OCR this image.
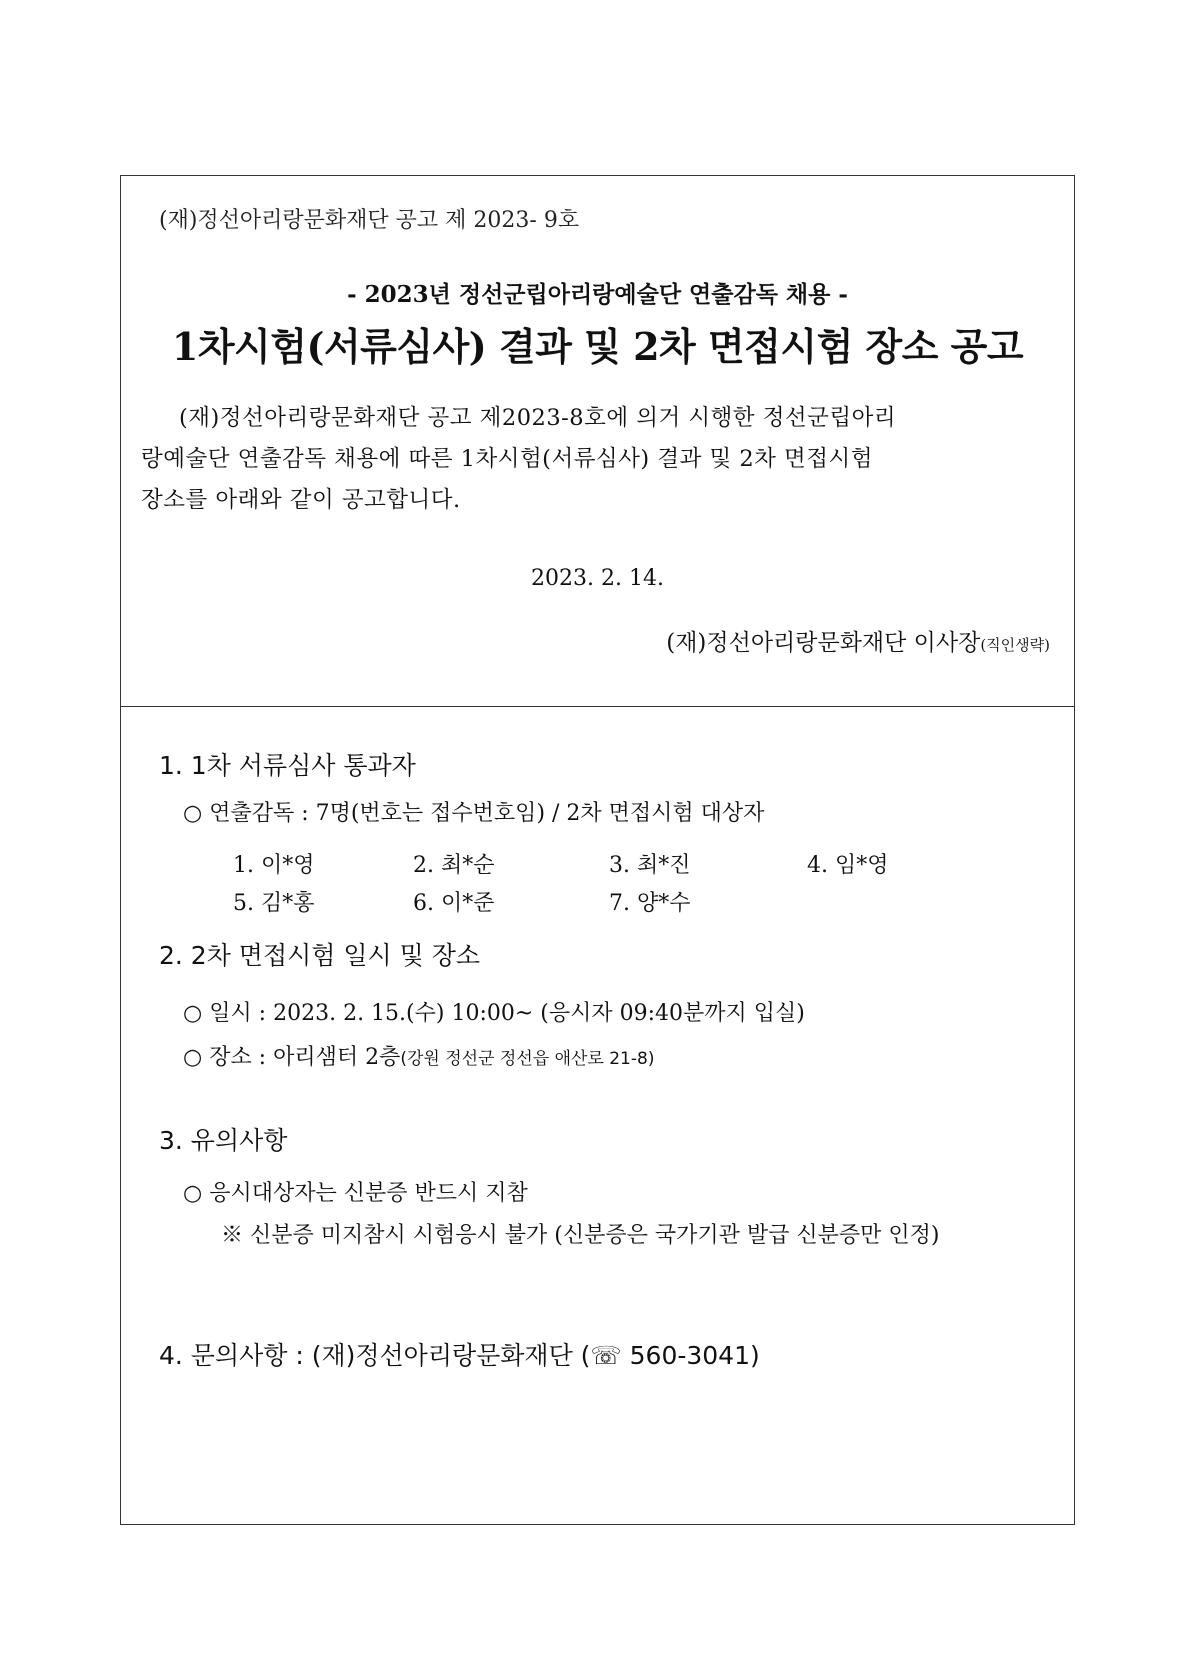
(재)정선아리랑문화재단 공고 제 2023- 9호
- 2023년 정선군립아리랑예술단 연출감독 채용 -
1차시험(서류심사) 결과 및 2차 면접시험 장소 공고
(재)정선아리랑문화재단 공고 제2023-8호에 의거 시행한 정선군립아리
랑예술단 연출감독 채용에 따른 1차시험(서류심사) 결과 및 2차 면접시험
장소를 아래와 같이 공고합니다.
2023. 2. 14.
(재)정선아리랑문화재단 이사장(직인생략)
1. 1차 서류심사 통과자
○ 연출감독 : 7명(번호는 접수번호임) / 2차 면접시험 대상자
1. 이*영	2. 최*순	3. 최*진	4. 임*영
5. 김*홍	6. 이*준	7. 양*수
2. 2차 면접시험 일시 및 장소
○ 일시 : 2023. 2. 15.(수) 10:00~ (응시자 09:40분까지 입실)
○ 장소 : 아리샘터 2층(강원 정선군 정선읍 애산로 21-8)
3. 유의사항
○ 응시대상자는 신분증 반드시 지참
※ 신분증 미지참시 시험응시 불가 (신분증은 국가기관 발급 신분증만 인정)
4. 문의사항 : (재)정선아리랑문화재단 (☏ 560-3041)
